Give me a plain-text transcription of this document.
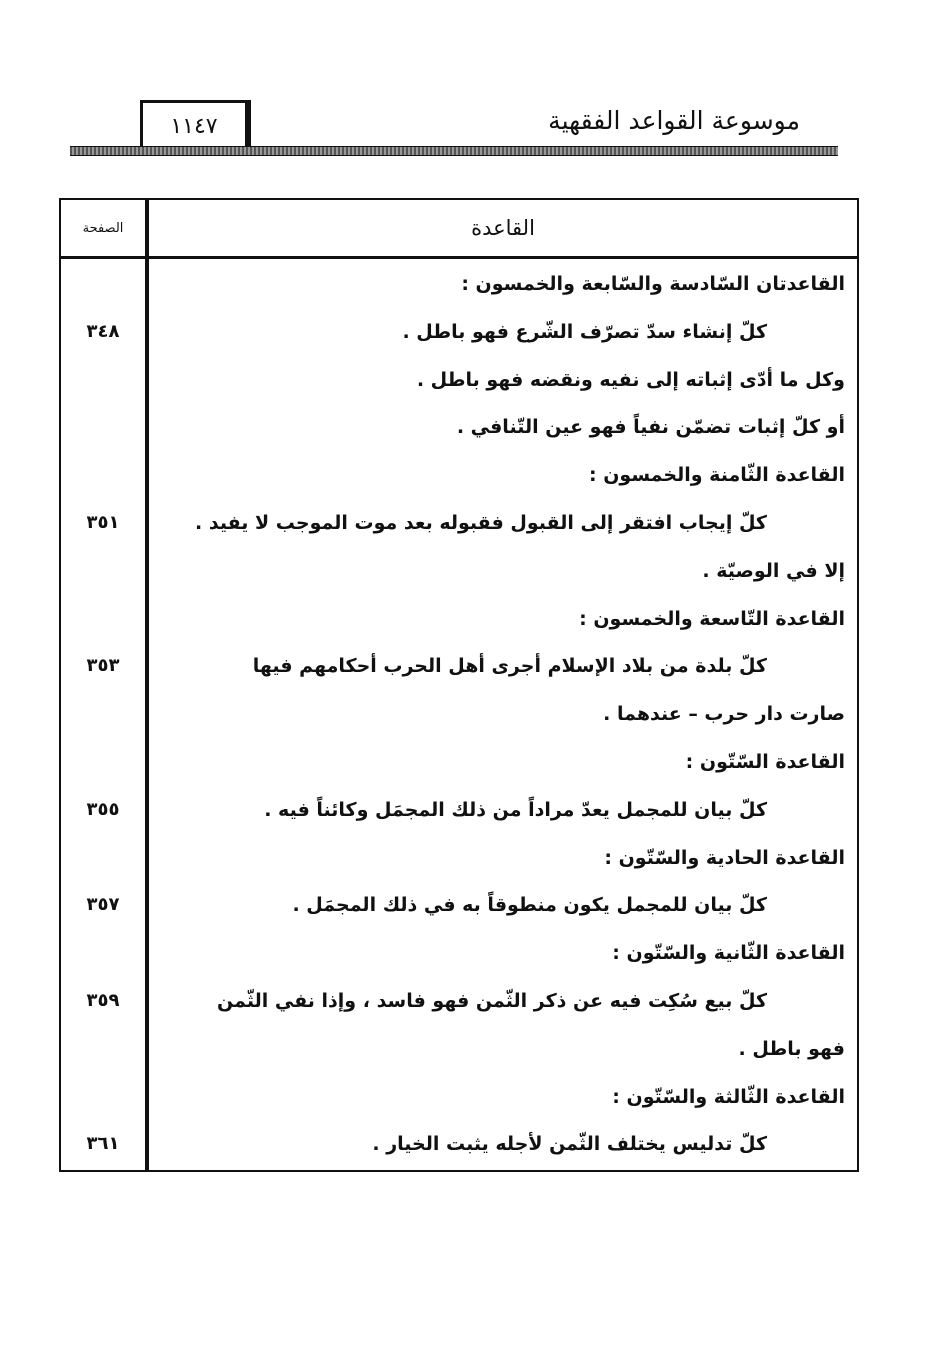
موسوعة القواعد الفقهية
١١٤٧
القاعدة
الصفحة
القاعدتان السّادسة والسّابعة والخمسون :
كلّ إنشاء سدّ تصرّف الشّرع فهو باطل .
٣٤٨
وكل ما أدّى إثباته إلى نفيه ونقضه فهو باطل .
أو كلّ إثبات تضمّن نفياً فهو عين التّنافي .
القاعدة الثّامنة والخمسون :
كلّ إيجاب افتقر إلى القبول فقبوله بعد موت الموجب لا يفيد .
٣٥١
إلا في الوصيّة .
القاعدة التّاسعة والخمسون :
كلّ بلدة من بلاد الإسلام أجرى أهل الحرب أحكامهم فيها
٣٥٣
صارت دار حرب – عندهما .
القاعدة السّتّون :
كلّ بيان للمجمل يعدّ مراداً من ذلك المجمَل وكائناً فيه .
٣٥٥
القاعدة الحادية والسّتّون :
كلّ بيان للمجمل يكون منطوقاً به في ذلك المجمَل .
٣٥٧
القاعدة الثّانية والسّتّون :
كلّ بيع سُكِت فيه عن ذكر الثّمن فهو فاسد ، وإذا نفي الثّمن
٣٥٩
فهو باطل .
القاعدة الثّالثة والسّتّون :
كلّ تدليس يختلف الثّمن لأجله يثبت الخيار .
٣٦١
